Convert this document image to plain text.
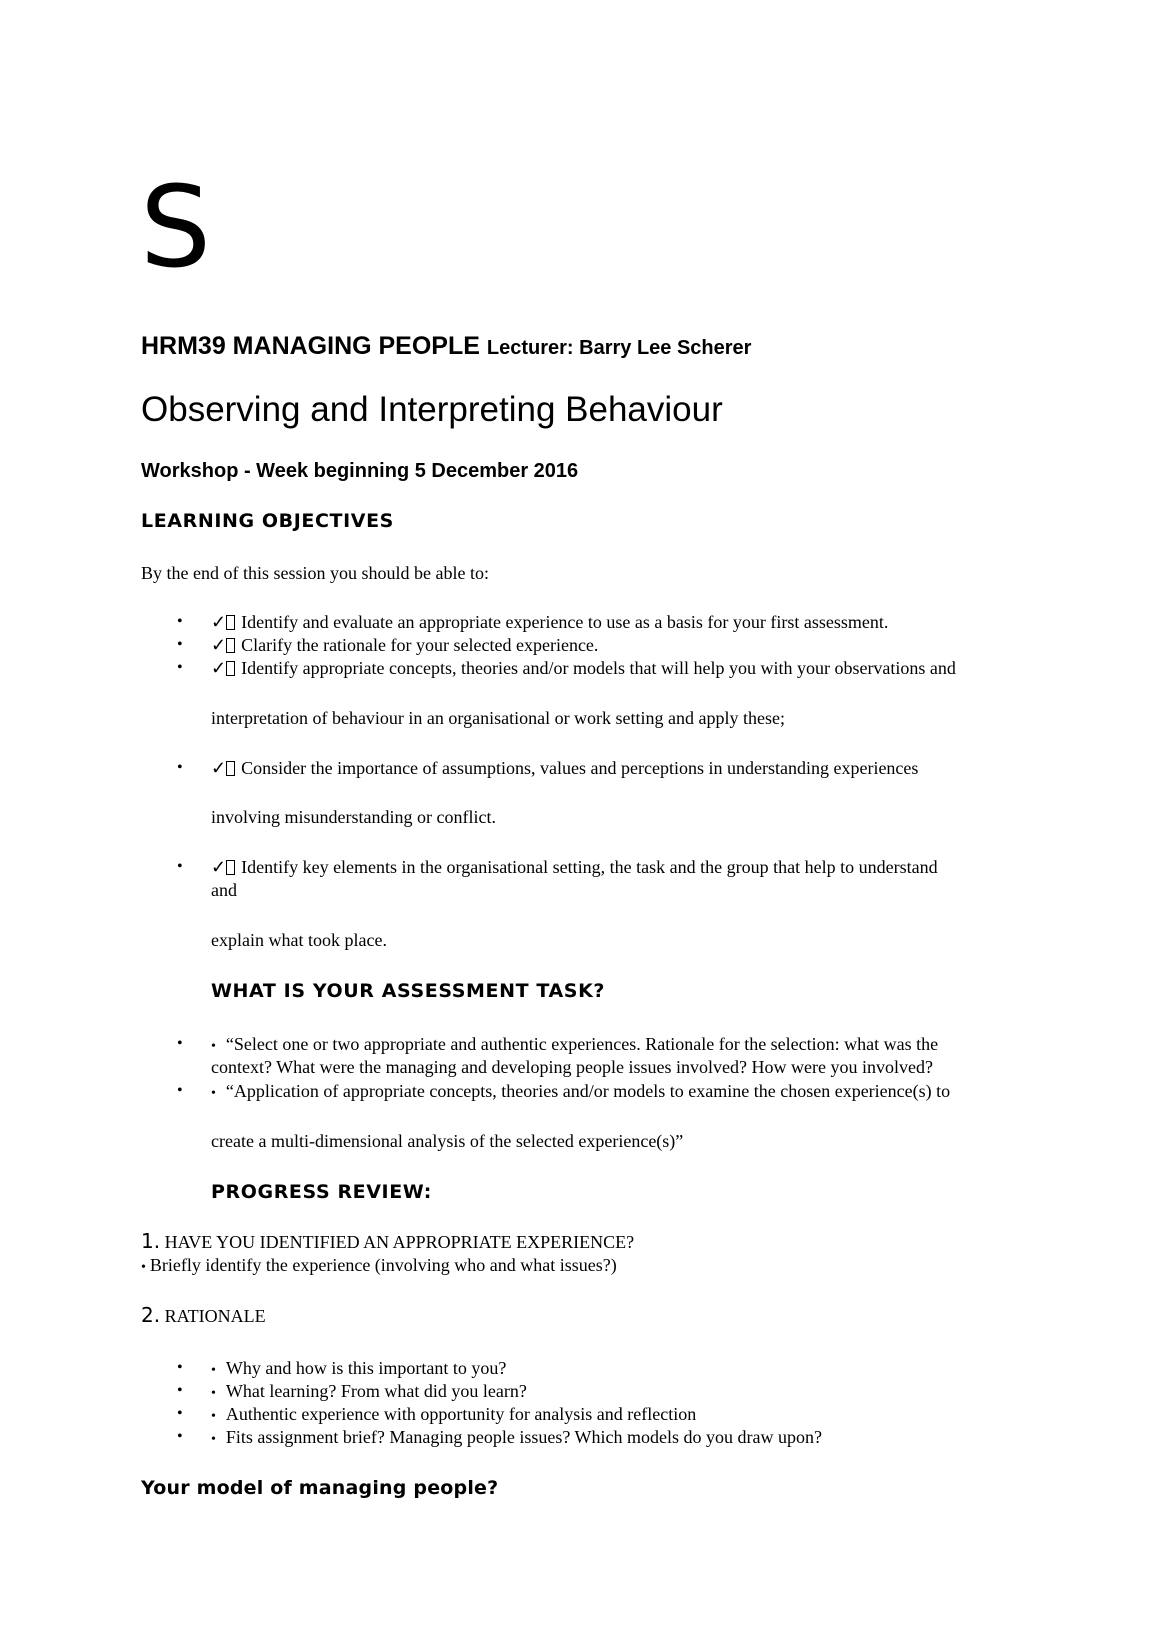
S
HRM39 MANAGING PEOPLE Lecturer: Barry Lee Scherer
Observing and Interpreting Behaviour
Workshop - Week beginning 5 December 2016
LEARNING OBJECTIVES
By the end of this session you should be able to:
• ✓ Identify and evaluate an appropriate experience to use as a basis for your first assessment.
• ✓ Clarify the rationale for your selected experience.
• ✓ Identify appropriate concepts, theories and/or models that will help you with your observations and
interpretation of behaviour in an organisational or work setting and apply these;
• ✓ Consider the importance of assumptions, values and perceptions in understanding experiences
involving misunderstanding or conflict.
• ✓ Identify key elements in the organisational setting, the task and the group that help to understand
and
explain what took place.
WHAT IS YOUR ASSESSMENT TASK?
• • “Select one or two appropriate and authentic experiences. Rationale for the selection: what was the
context? What were the managing and developing people issues involved? How were you involved?
• • “Application of appropriate concepts, theories and/or models to examine the chosen experience(s) to
create a multi-dimensional analysis of the selected experience(s)”
PROGRESS REVIEW:
1. HAVE YOU IDENTIFIED AN APPROPRIATE EXPERIENCE?
• Briefly identify the experience (involving who and what issues?)
2. RATIONALE
• • Why and how is this important to you?
• • What learning? From what did you learn?
• • Authentic experience with opportunity for analysis and reflection
• • Fits assignment brief? Managing people issues? Which models do you draw upon?
Your model of managing people?
